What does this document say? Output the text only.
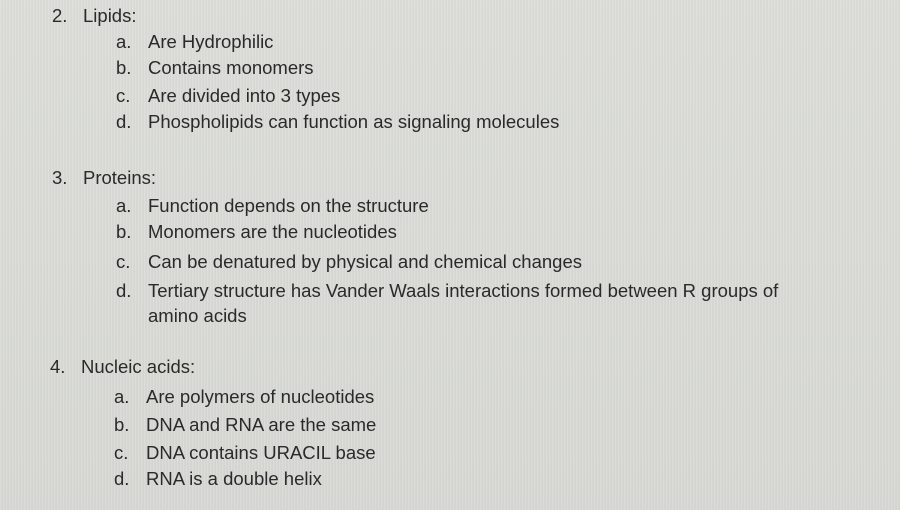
2. Lipids:
a. Are Hydrophilic
b. Contains monomers
c. Are divided into 3 types
d. Phospholipids can function as signaling molecules
3. Proteins:
a. Function depends on the structure
b. Monomers are the nucleotides
c. Can be denatured by physical and chemical changes
d. Tertiary structure has Vander Waals interactions formed between R groups of
amino acids
4. Nucleic acids:
a. Are polymers of nucleotides
b. DNA and RNA are the same
c. DNA contains URACIL base
d. RNA is a double helix
